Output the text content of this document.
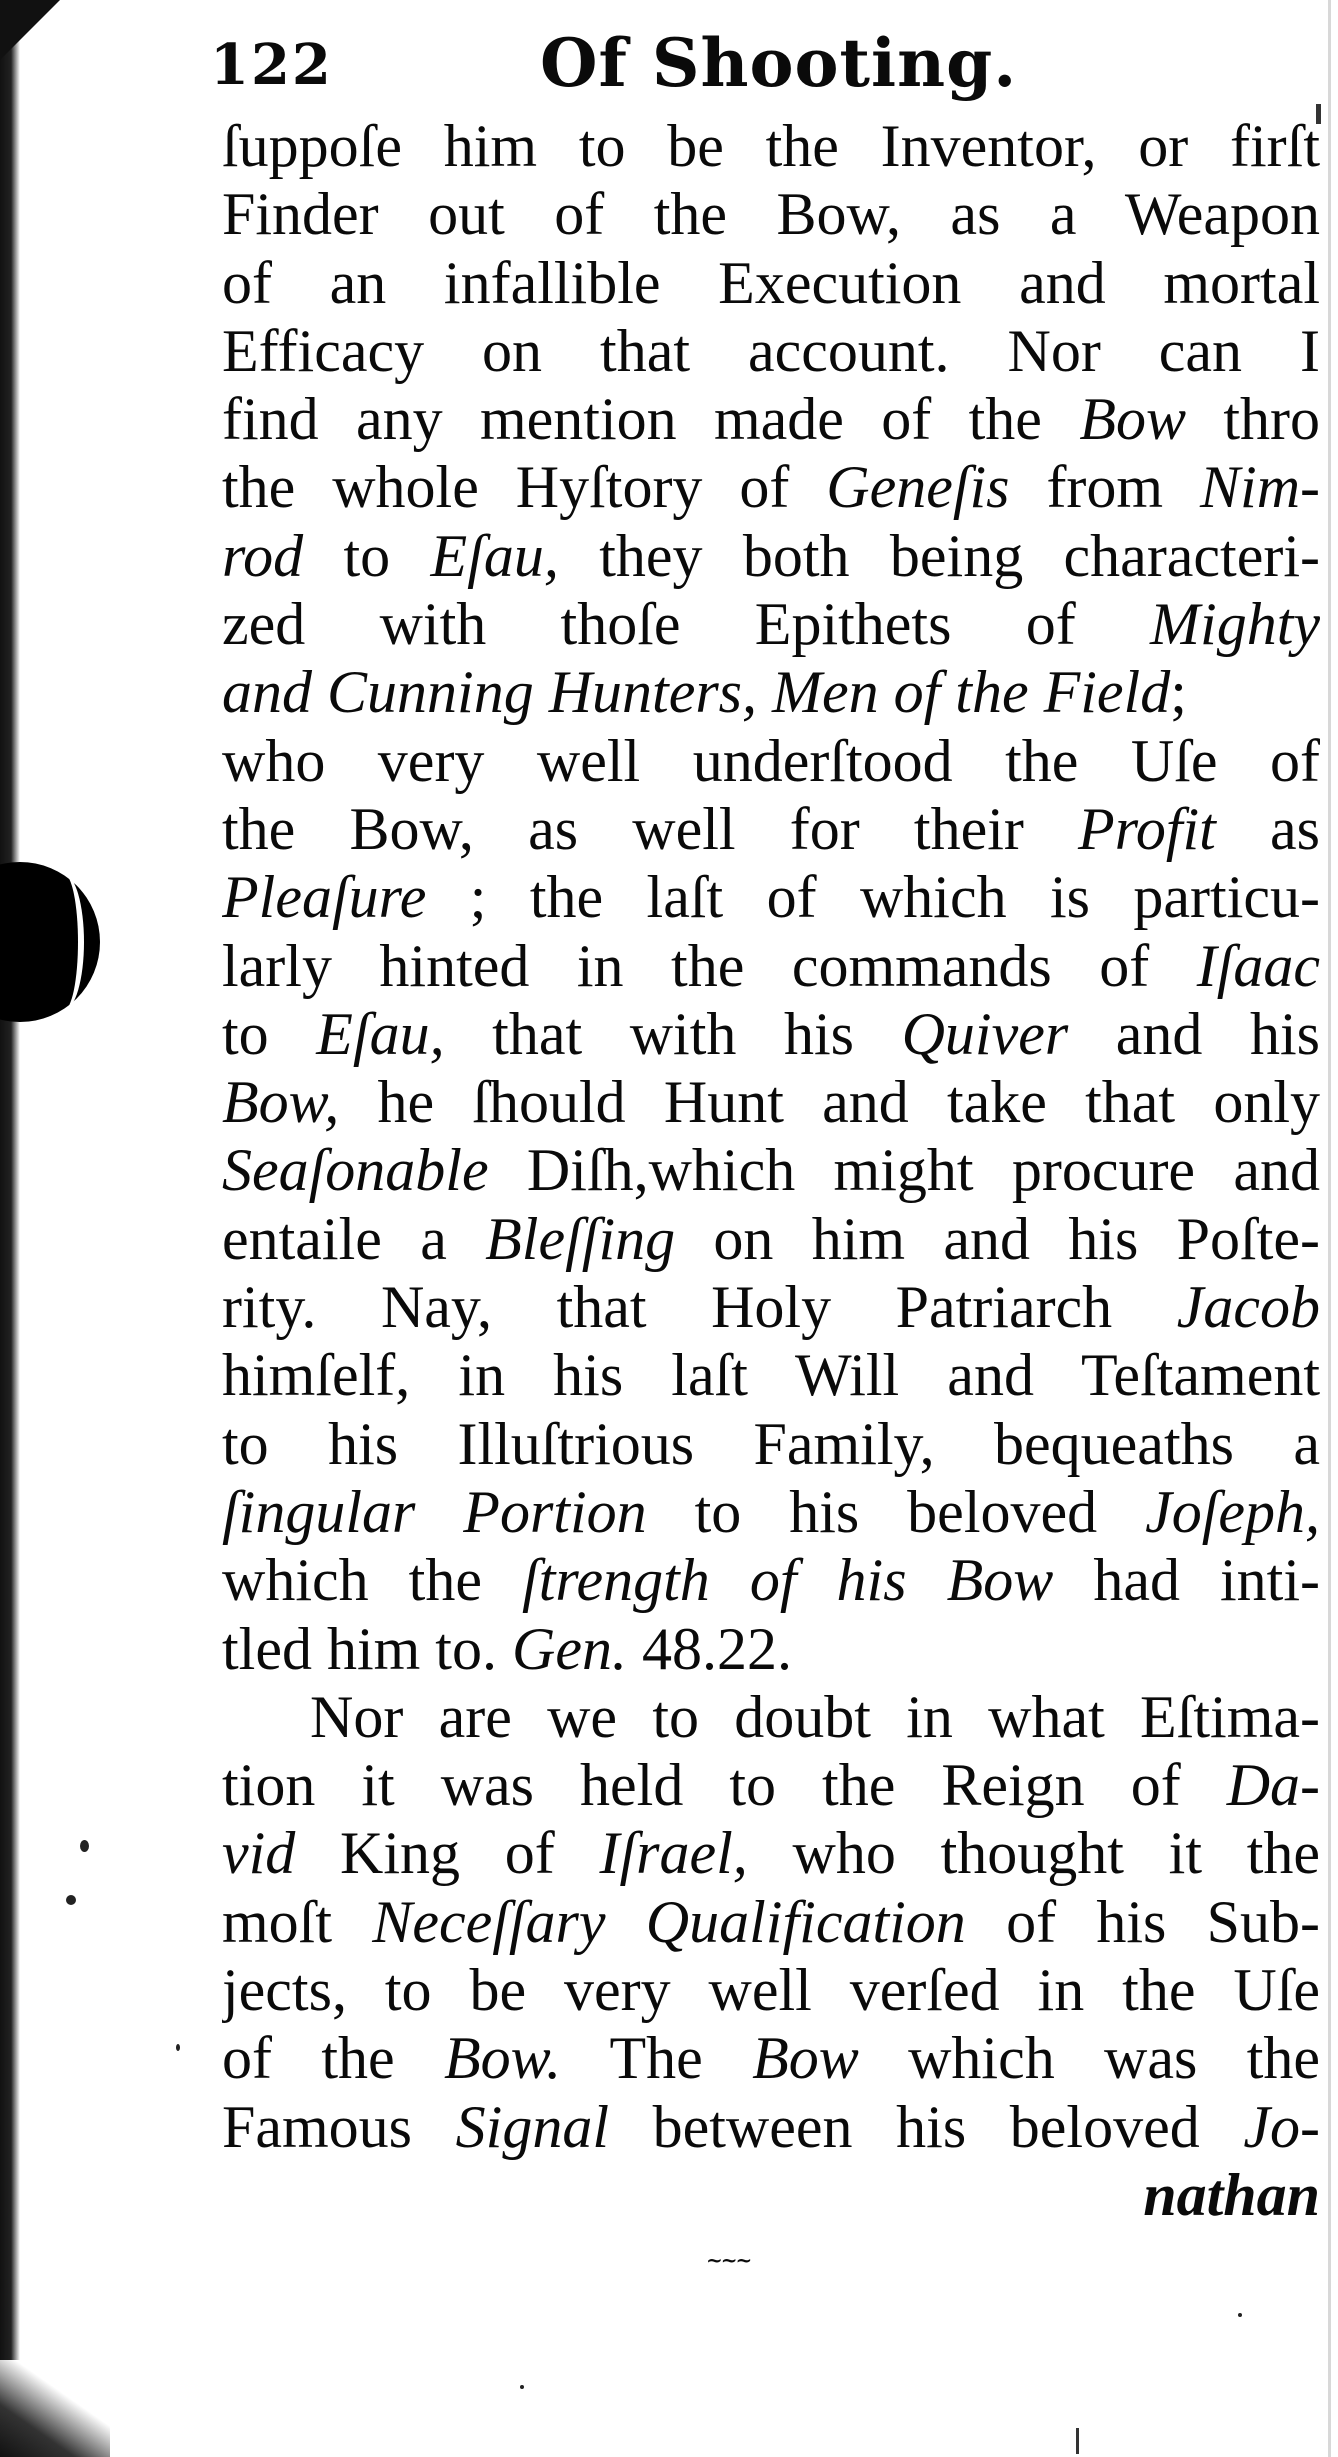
122	Of Shooting.
ſuppoſe him to be the Inventor, or firſt
Finder out of the Bow, as a Weapon
of an infallible Execution and mortal
Efficacy on that account. Nor can I
find any mention made of the Bow thro
the whole Hyſtory of Geneſis from Nim-
rod to Eſau, they both being characteri-
zed with thoſe Epithets of Mighty
and Cunning Hunters, Men of the Field;
who very well underſtood the Uſe of
the Bow, as well for their Profit as
Pleaſure ; the laſt of which is particu-
larly hinted in the commands of Iſaac
to Eſau, that with his Quiver and his
Bow, he ſhould Hunt and take that only
Seaſonable Diſh,which might procure and
entaile a Bleſſing on him and his Poſte-
rity. Nay, that Holy Patriarch Jacob
himſelf, in his laſt Will and Teſtament
to his Illuſtrious Family, bequeaths a
ſingular Portion to his beloved Joſeph,
which the ſtrength of his Bow had inti-
tled him to. Gen. 48.22.
Nor are we to doubt in what Eſtima-
tion it was held to the Reign of Da-
vid King of Iſrael, who thought it the
moſt Neceſſary Qualification of his Sub-
jects, to be very well verſed in the Uſe
of the Bow. The Bow which was the
Famous Signal between his beloved Jo-
nathan
~~~
